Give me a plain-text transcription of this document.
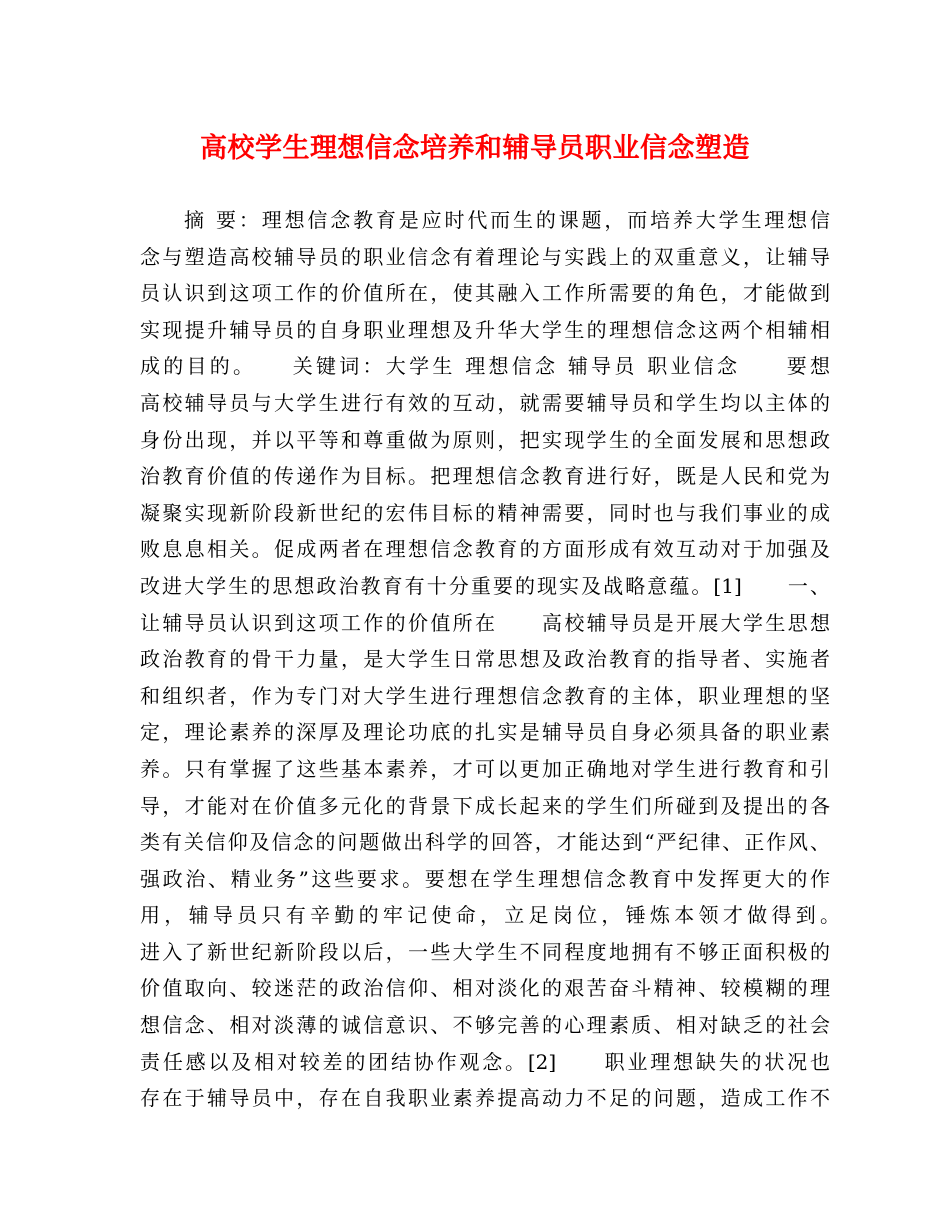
高校学生理想信念培养和辅导员职业信念塑造

摘 要：理想信念教育是应时代而生的课题，而培养大学生理想信

念与塑造高校辅导员的职业信念有着理论与实践上的双重意义，让辅导

员认识到这项工作的价值所在，使其融入工作所需要的角色，才能做到

实现提升辅导员的自身职业理想及升华大学生的理想信念这两个相辅相

成的目的。　　关键词：大学生 理想信念 辅导员 职业信念　　要想

高校辅导员与大学生进行有效的互动，就需要辅导员和学生均以主体的

身份出现，并以平等和尊重做为原则，把实现学生的全面发展和思想政

治教育价值的传递作为目标。把理想信念教育进行好，既是人民和党为

凝聚实现新阶段新世纪的宏伟目标的精神需要，同时也与我们事业的成

败息息相关。促成两者在理想信念教育的方面形成有效互动对于加强及

改进大学生的思想政治教育有十分重要的现实及战略意蕴。[1]　　一、

让辅导员认识到这项工作的价值所在　　高校辅导员是开展大学生思想

政治教育的骨干力量，是大学生日常思想及政治教育的指导者、实施者

和组织者，作为专门对大学生进行理想信念教育的主体，职业理想的坚

定，理论素养的深厚及理论功底的扎实是辅导员自身必须具备的职业素

养。只有掌握了这些基本素养，才可以更加正确地对学生进行教育和引

导，才能对在价值多元化的背景下成长起来的学生们所碰到及提出的各

类有关信仰及信念的问题做出科学的回答，才能达到“严纪律、正作风、

强政治、精业务”这些要求。要想在学生理想信念教育中发挥更大的作

用，辅导员只有辛勤的牢记使命，立足岗位，锤炼本领才做得到。　　

进入了新世纪新阶段以后，一些大学生不同程度地拥有不够正面积极的

价值取向、较迷茫的政治信仰、相对淡化的艰苦奋斗精神、较模糊的理

想信念、相对淡薄的诚信意识、不够完善的心理素质、相对缺乏的社会

责任感以及相对较差的团结协作观念。[2]　　职业理想缺失的状况也

存在于辅导员中，存在自我职业素养提高动力不足的问题，造成工作不
